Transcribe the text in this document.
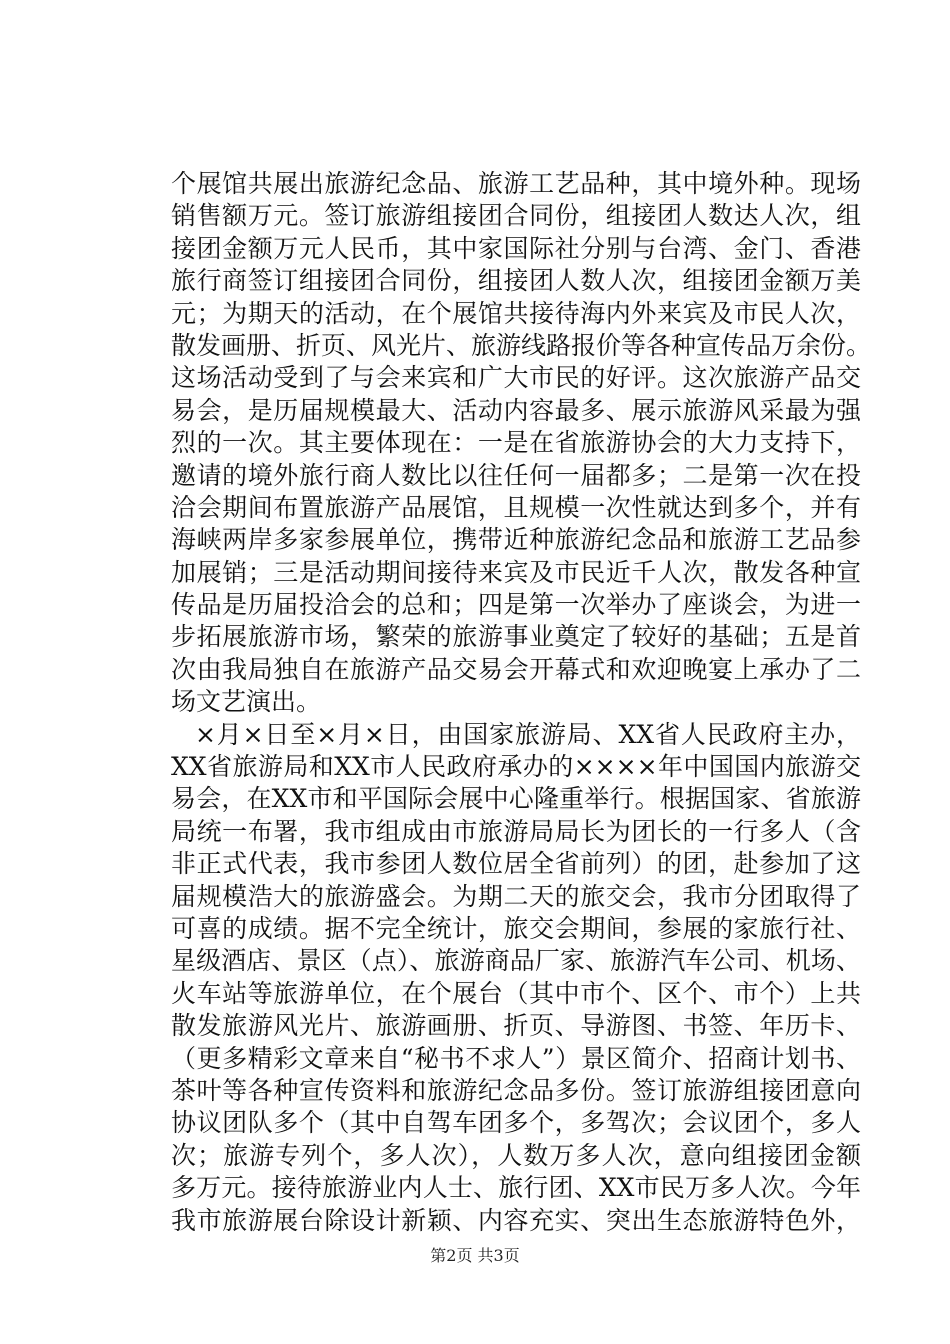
个展馆共展出旅游纪念品、旅游工艺品种，其中境外种。现场
销售额万元。签订旅游组接团合同份，组接团人数达人次，组
接团金额万元人民币，其中家国际社分别与台湾、金门、香港
旅行商签订组接团合同份，组接团人数人次，组接团金额万美
元；为期天的活动，在个展馆共接待海内外来宾及市民人次，
散发画册、折页、风光片、旅游线路报价等各种宣传品万余份。
这场活动受到了与会来宾和广大市民的好评。这次旅游产品交
易会，是历届规模最大、活动内容最多、展示旅游风采最为强
烈的一次。其主要体现在：一是在省旅游协会的大力支持下，
邀请的境外旅行商人数比以往任何一届都多；二是第一次在投
洽会期间布置旅游产品展馆，且规模一次性就达到多个，并有
海峡两岸多家参展单位，携带近种旅游纪念品和旅游工艺品参
加展销；三是活动期间接待来宾及市民近千人次，散发各种宣
传品是历届投洽会的总和；四是第一次举办了座谈会，为进一
步拓展旅游市场，繁荣的旅游事业奠定了较好的基础；五是首
次由我局独自在旅游产品交易会开幕式和欢迎晚宴上承办了二
场文艺演出。
×月×日至×月×日，由国家旅游局、XX省人民政府主办，
XX省旅游局和XX市人民政府承办的××××年中国国内旅游交
易会，在XX市和平国际会展中心隆重举行。根据国家、省旅游
局统一布署，我市组成由市旅游局局长为团长的一行多人（含
非正式代表，我市参团人数位居全省前列）的团，赴参加了这
届规模浩大的旅游盛会。为期二天的旅交会，我市分团取得了
可喜的成绩。据不完全统计，旅交会期间，参展的家旅行社、
星级酒店、景区（点）、旅游商品厂家、旅游汽车公司、机场、
火车站等旅游单位，在个展台（其中市个、区个、市个）上共
散发旅游风光片、旅游画册、折页、导游图、书签、年历卡、
（更多精彩文章来自“秘书不求人”）景区简介、招商计划书、
茶叶等各种宣传资料和旅游纪念品多份。签订旅游组接团意向
协议团队多个（其中自驾车团多个，多驾次；会议团个，多人
次；旅游专列个，多人次），人数万多人次，意向组接团金额
多万元。接待旅游业内人士、旅行团、XX市民万多人次。今年
我市旅游展台除设计新颖、内容充实、突出生态旅游特色外，
第2页 共3页
